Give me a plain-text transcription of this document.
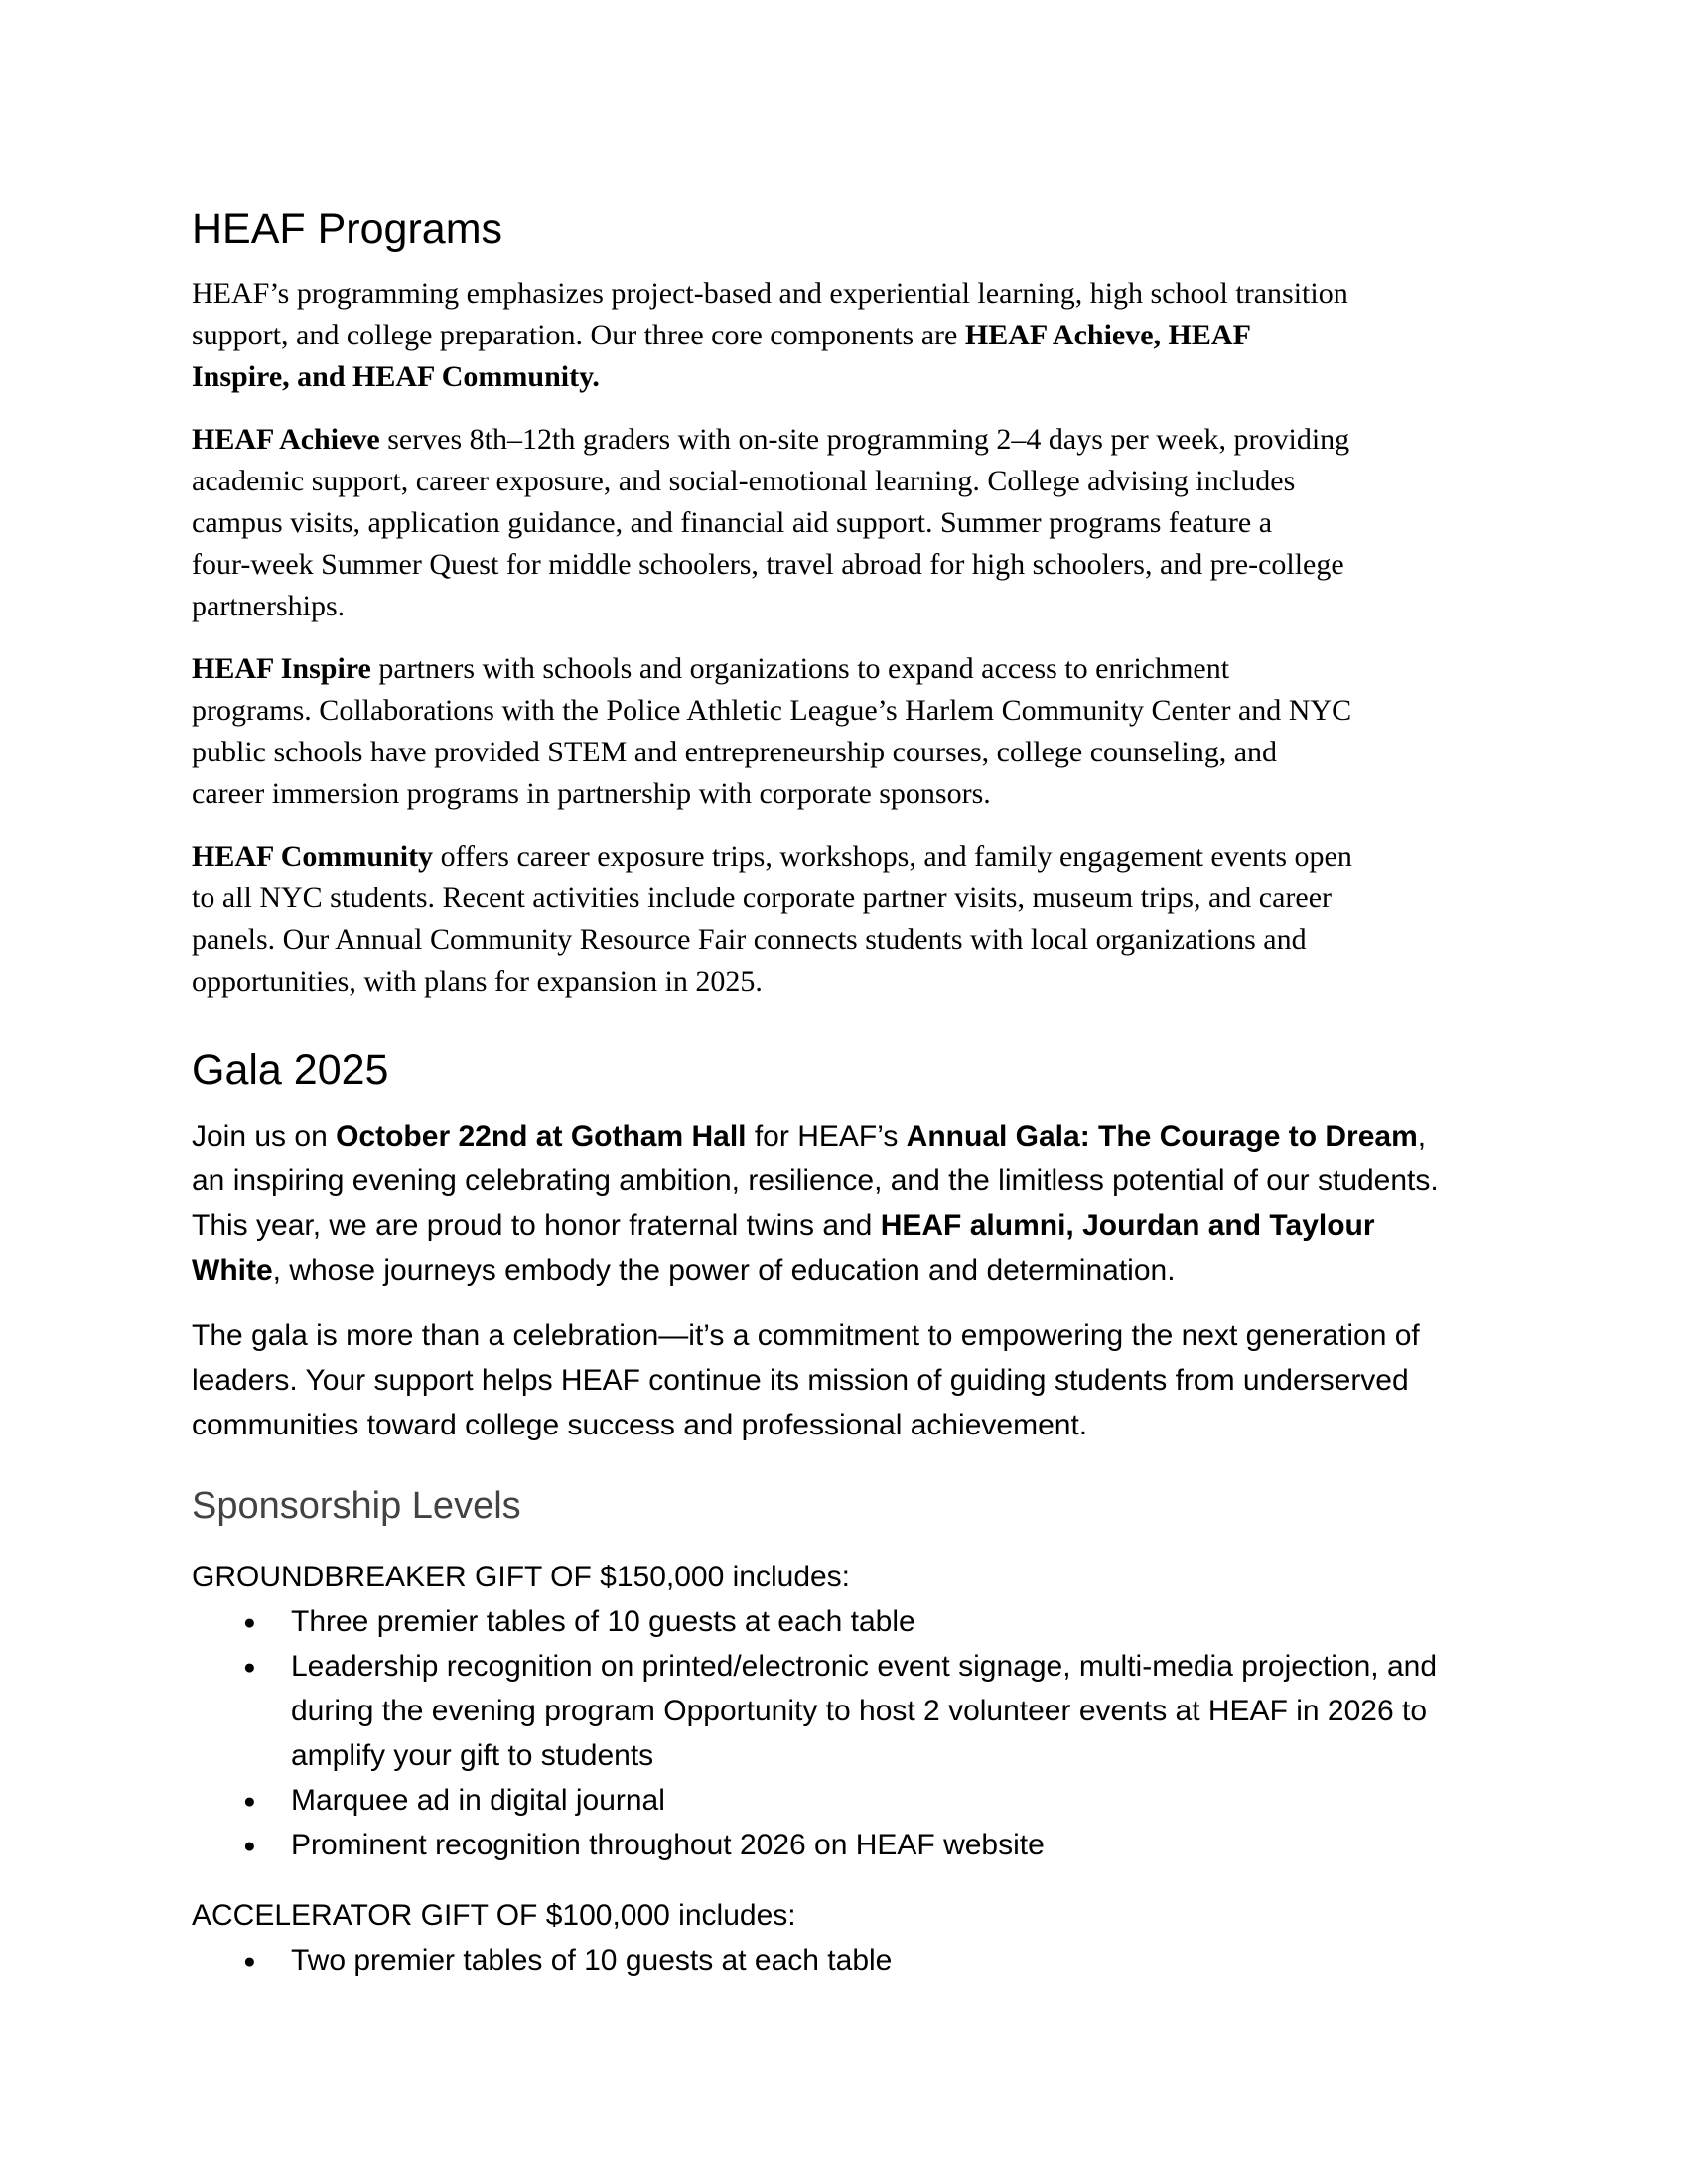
HEAF Programs
HEAF’s programming emphasizes project-based and experiential learning, high school transition
support, and college preparation. Our three core components are HEAF Achieve, HEAF
Inspire, and HEAF Community.
HEAF Achieve serves 8th–12th graders with on-site programming 2–4 days per week, providing
academic support, career exposure, and social-emotional learning. College advising includes
campus visits, application guidance, and financial aid support. Summer programs feature a
four-week Summer Quest for middle schoolers, travel abroad for high schoolers, and pre-college
partnerships.
HEAF Inspire partners with schools and organizations to expand access to enrichment
programs. Collaborations with the Police Athletic League’s Harlem Community Center and NYC
public schools have provided STEM and entrepreneurship courses, college counseling, and
career immersion programs in partnership with corporate sponsors.
HEAF Community offers career exposure trips, workshops, and family engagement events open
to all NYC students. Recent activities include corporate partner visits, museum trips, and career
panels. Our Annual Community Resource Fair connects students with local organizations and
opportunities, with plans for expansion in 2025.
Gala 2025
Join us on October 22nd at Gotham Hall for HEAF’s Annual Gala: The Courage to Dream,
an inspiring evening celebrating ambition, resilience, and the limitless potential of our students.
This year, we are proud to honor fraternal twins and HEAF alumni, Jourdan and Taylour
White, whose journeys embody the power of education and determination.
The gala is more than a celebration—it’s a commitment to empowering the next generation of
leaders. Your support helps HEAF continue its mission of guiding students from underserved
communities toward college success and professional achievement.
Sponsorship Levels
GROUNDBREAKER GIFT OF $150,000 includes:
● Three premier tables of 10 guests at each table
● Leadership recognition on printed/electronic event signage, multi-media projection, and
during the evening program Opportunity to host 2 volunteer events at HEAF in 2026 to
amplify your gift to students
● Marquee ad in digital journal
● Prominent recognition throughout 2026 on HEAF website
ACCELERATOR GIFT OF $100,000 includes:
● Two premier tables of 10 guests at each table
